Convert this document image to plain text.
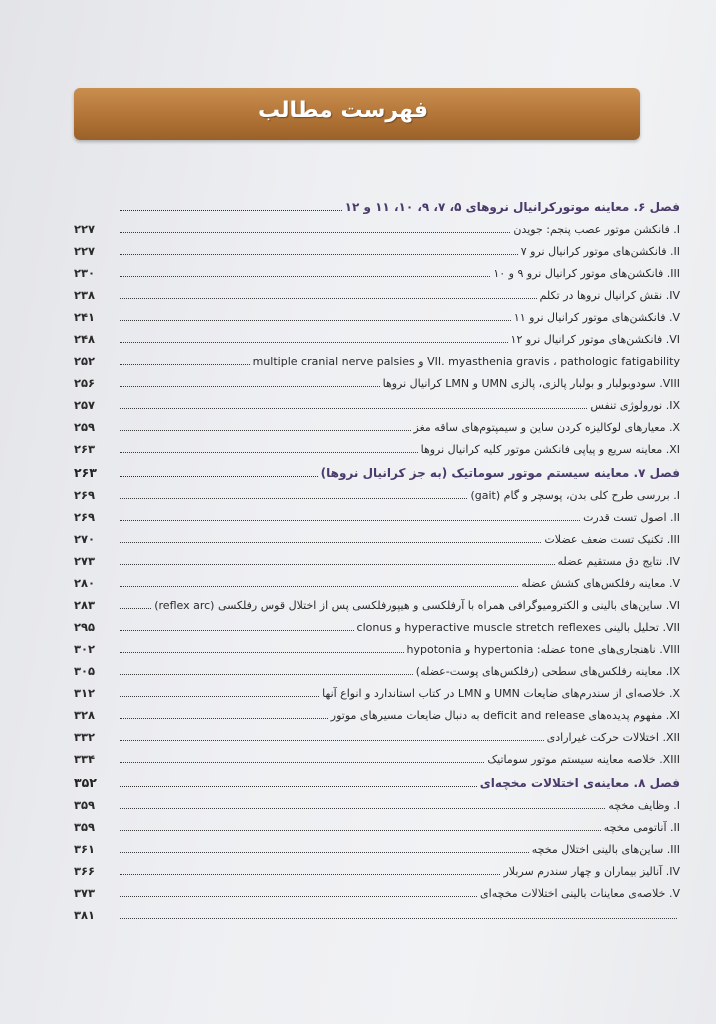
فهرست مطالب
فصل ۶. معاینه موتورکرانیال نروهای ۵، ۷، ۹، ۱۰، ۱۱ و ۱۲
I. فانکشن موتور عصب پنجم: جویدن
۲۲۷
II. فانکشن‌های موتور کرانیال نرو ۷
۲۲۷
III. فانکشن‌های موتور کرانیال نرو ۹ و ۱۰
۲۳۰
IV. نقش کرانیال نروها در تکلم
۲۳۸
V. فانکشن‌های موتور کرانیال نرو ۱۱
۲۴۱
VI. فانکشن‌های موتور کرانیال نرو ۱۲
۲۴۸
VII. myasthenia gravis ، pathologic fatigability و multiple cranial nerve palsies
۲۵۲
VIII. سودوبولبار و بولبار پالزی، پالزی UMN و LMN کرانیال نروها
۲۵۶
IX. نورولوژی تنفس
۲۵۷
X. معیارهای لوکالیزه کردن ساین و سیمپتوم‌های ساقه مغز
۲۵۹
XI. معاینه سریع و پیاپی فانکشن موتور کلیه کرانیال نروها
۲۶۳
فصل ۷. معاینه سیستم موتور سوماتیک (به جز کرانیال نروها)
۲۶۳
I. بررسی طرح کلی بدن، پوسچر و گام (gait)
۲۶۹
II. اصول تست قدرت
۲۶۹
III. تکنیک تست ضعف عضلات
۲۷۰
IV. نتایج دق مستقیم عضله
۲۷۳
V. معاینه رفلکس‌های کشش عضله
۲۸۰
VI. ساین‌های بالینی و الکترومیوگرافی همراه با آرفلکسی و هیپورفلکسی پس از اختلال قوس رفلکسی (reflex arc)
۲۸۳
VII. تحلیل بالینی hyperactive muscle stretch reflexes و clonus
۲۹۵
VIII. ناهنجاری‌های tone عضله: hypertonia و hypotonia
۳۰۲
IX. معاینه رفلکس‌های سطحی (رفلکس‌های پوست-عضله)
۳۰۵
X. خلاصه‌ای از سندرم‌های ضایعات UMN و LMN در کتاب استاندارد و انواع آنها
۳۱۲
XI. مفهوم پدیده‌های deficit and release به دنبال ضایعات مسیرهای موتور
۳۲۸
XII. اختلالات حرکت غیرارادی
۳۳۲
XIII. خلاصه معاینه سیستم موتور سوماتیک
۳۳۴
فصل ۸. معاینه‌ی اختلالات مخچه‌ای
۳۵۲
I. وظایف مخچه
۳۵۹
II. آناتومی مخچه
۳۵۹
III. ساین‌های بالینی اختلال مخچه
۳۶۱
IV. آنالیز بیماران و چهار سندرم سربلار
۳۶۶
V. خلاصه‌ی معاینات بالینی اختلالات مخچه‌ای
۳۷۳
۳۸۱
